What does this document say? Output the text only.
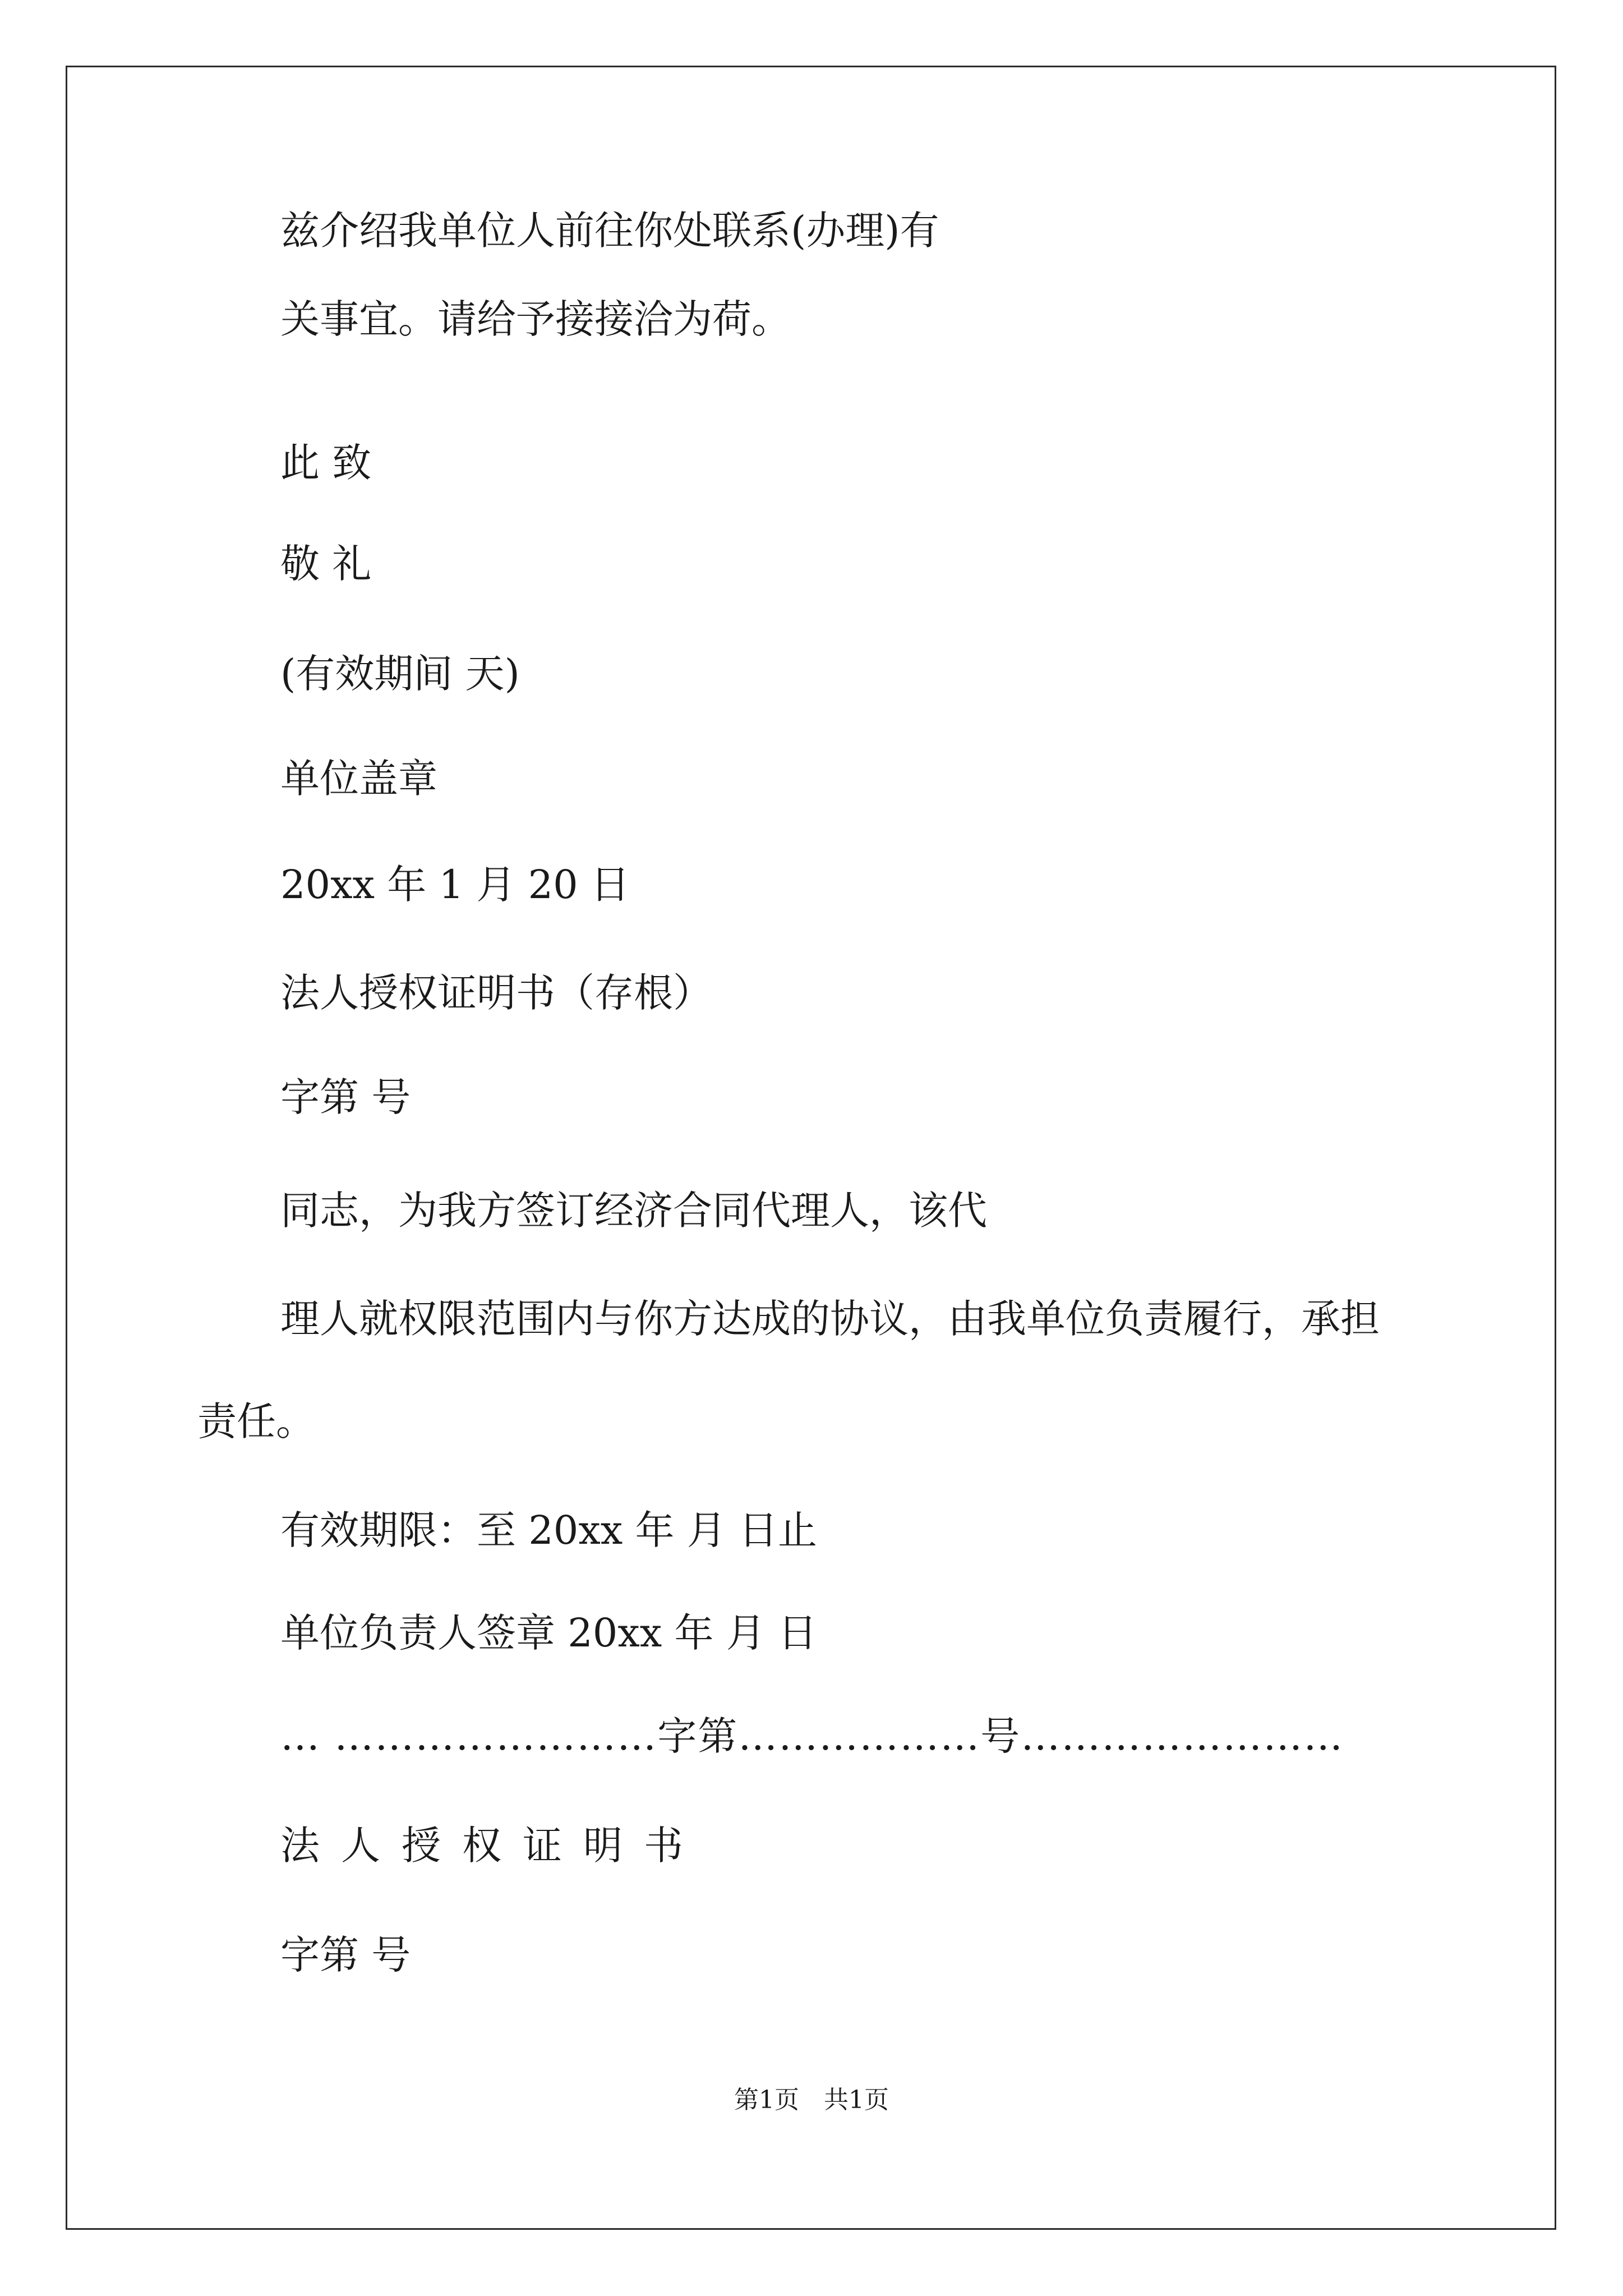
兹介绍我单位人前往你处联系(办理)有
关事宜。请给予接接洽为荷。
此 致
敬 礼
(有效期间 天)
单位盖章
20xx 年 1 月 20 日
法人授权证明书（存根）
字第 号
同志，为我方签订经济合同代理人，该代
理人就权限范围内与你方达成的协议，由我单位负责履行，承担
责任。
有效期限：至 20xx 年 月 日止
单位负责人签章 20xx 年 月 日
… ……………………字第………………号……………………
法人授权证明书
字第 号
第1页　共1页
